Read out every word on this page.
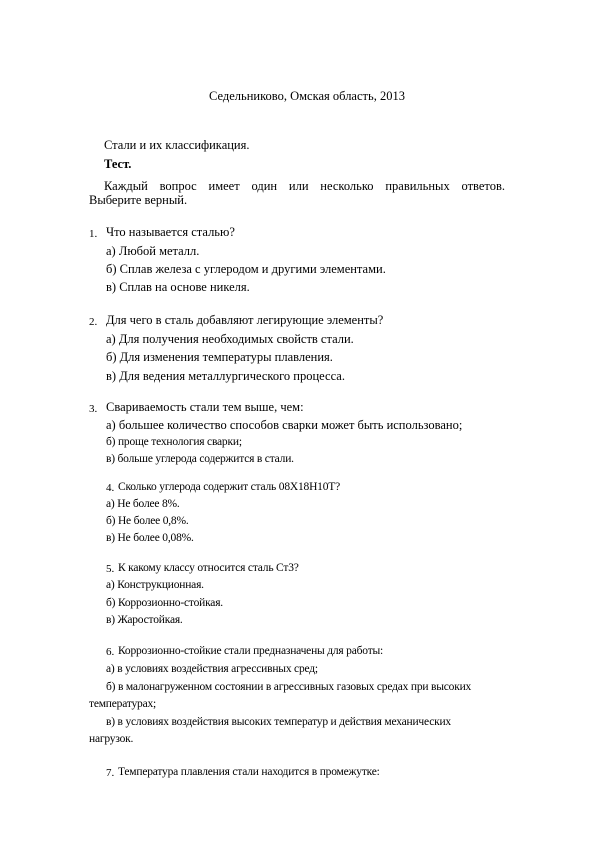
Седельниково, Омская область, 2013
Стали и их классификация.
Тест.
Каждый вопрос имеет один или несколько правильных ответов.
Выберите верный.
1. Что называется сталью?
а) Любой металл.
б) Сплав железа с углеродом и другими элементами.
в) Сплав на основе никеля.
2. Для чего в сталь добавляют легирующие элементы?
а) Для получения необходимых свойств стали.
б) Для изменения температуры плавления.
в) Для ведения металлургического процесса.
3. Свариваемость стали тем выше, чем:
а) большее количество способов сварки может быть использовано;
б) проще технология сварки;
в) больше углерода содержится в стали.
4. Сколько углерода содержит сталь 08Х18Н10Т?
а) Не более 8%.
б) Не более 0,8%.
в) Не более 0,08%.
5. К какому классу относится сталь Ст3?
а) Конструкционная.
б) Коррозионно-стойкая.
в) Жаростойкая.
6. Коррозионно-стойкие стали предназначены для работы:
а) в условиях воздействия агрессивных сред;
б) в малонагруженном состоянии в агрессивных газовых средах при высоких
температурах;
в) в условиях воздействия высоких температур и действия механических
нагрузок.
7. Температура плавления стали находится в промежутке:
